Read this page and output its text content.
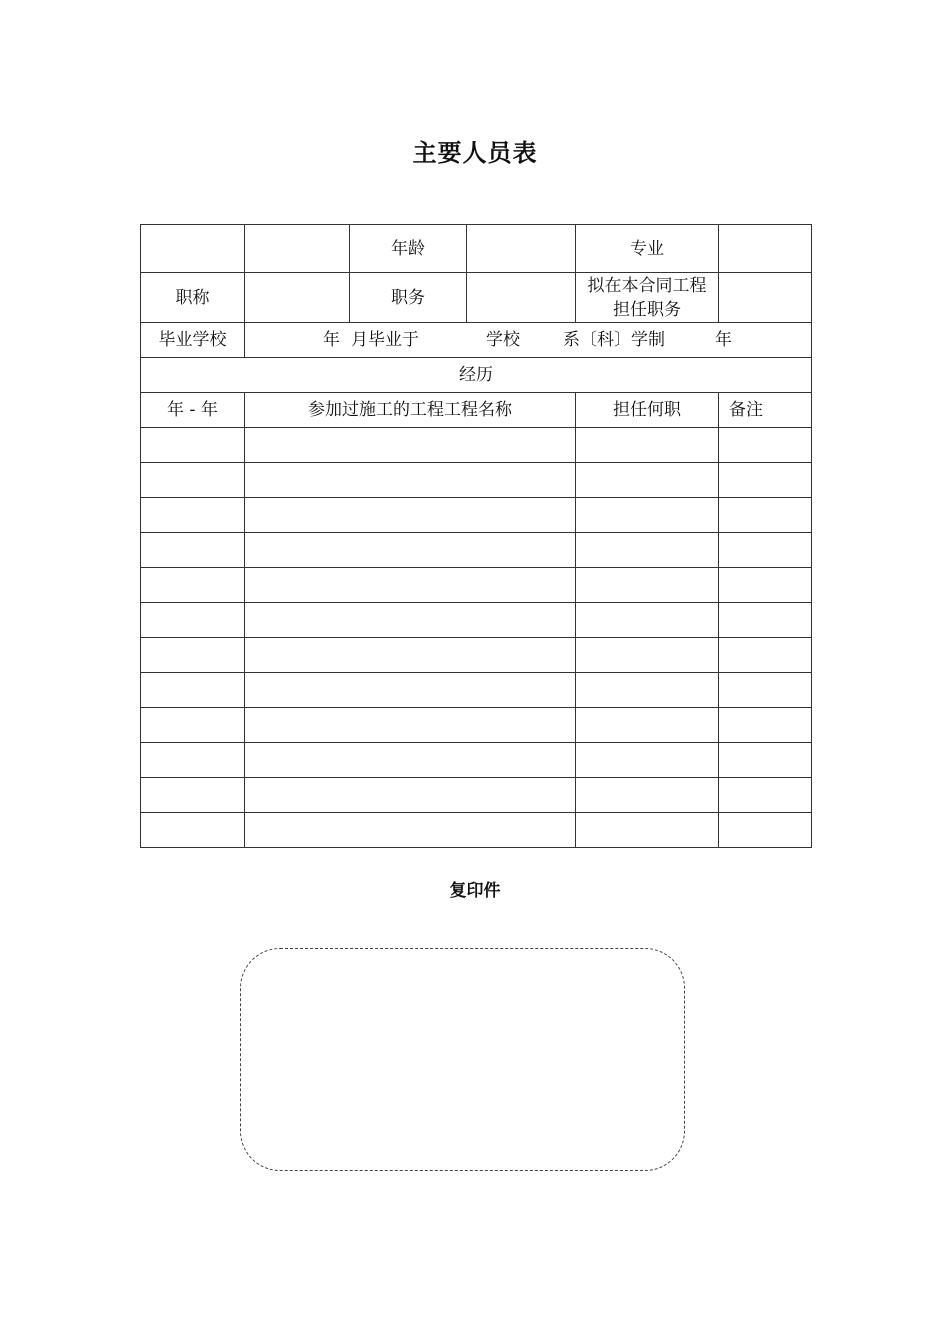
主要人员表
		年龄		专业	
职称		职务		拟在本合同工程担任职务	

毕业学校	年 月毕业于 学校 系〔科〕学制 年				

经历					
年 - 年	参加过施工的工程工程名称			担任何职	备注

复印件
